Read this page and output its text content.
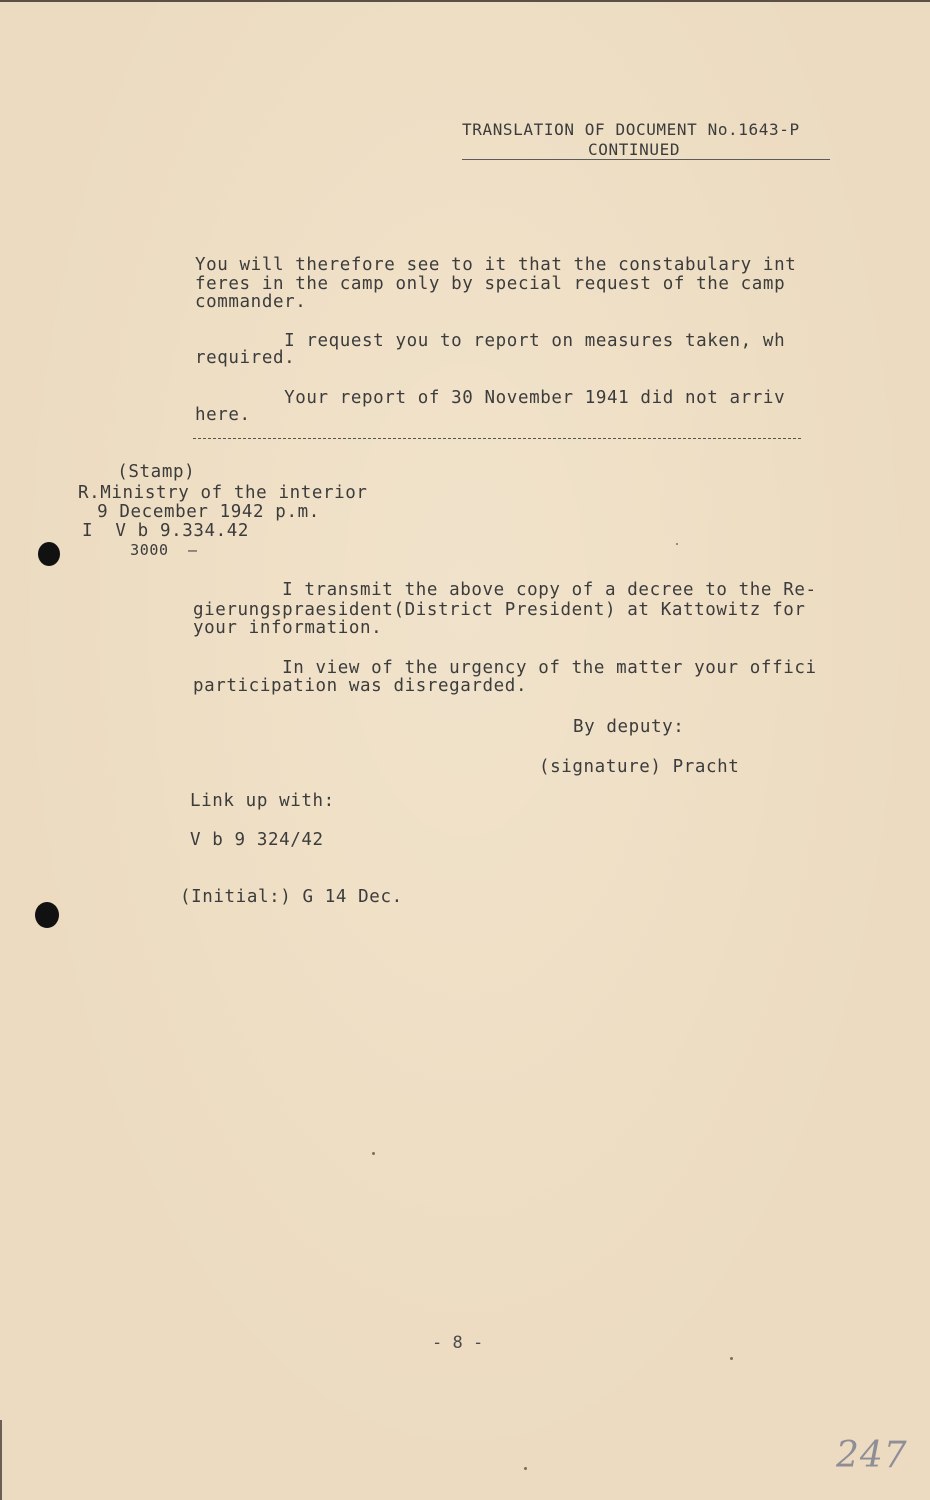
TRANSLATION OF DOCUMENT No.1643-P
CONTINUED
You will therefore see to it that the constabulary int
feres in the camp only by special request of the camp
commander.
I request you to report on measures taken, wh
required.
Your report of 30 November 1941 did not arriv
here.
(Stamp)
R.Ministry of the interior
9 December 1942 p.m.
I  V b 9.334.42
3000  —
I transmit the above copy of a decree to the Re-
gierungspraesident(District President) at Kattowitz for
your information.
In view of the urgency of the matter your offici
participation was disregarded.
By deputy:
(signature) Pracht
Link up with:
V b 9 324/42
(Initial:) G 14 Dec.
- 8 -
247
